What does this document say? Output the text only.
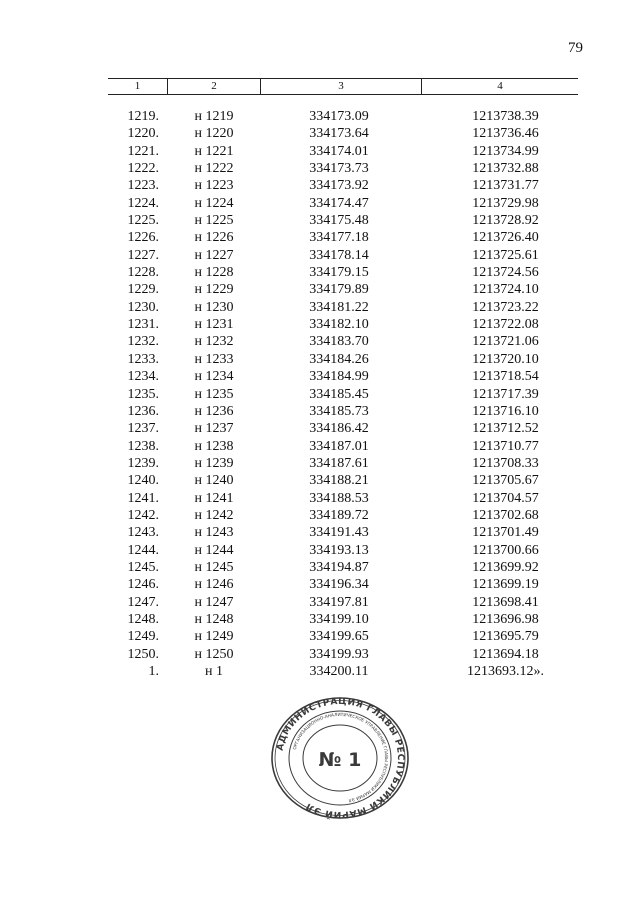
79
1	2	3	4
1219.	н 1219	334173.09	1213738.39
1220.	н 1220	334173.64	1213736.46
1221.	н 1221	334174.01	1213734.99
1222.	н 1222	334173.73	1213732.88
1223.	н 1223	334173.92	1213731.77
1224.	н 1224	334174.47	1213729.98
1225.	н 1225	334175.48	1213728.92
1226.	н 1226	334177.18	1213726.40
1227.	н 1227	334178.14	1213725.61
1228.	н 1228	334179.15	1213724.56
1229.	н 1229	334179.89	1213724.10
1230.	н 1230	334181.22	1213723.22
1231.	н 1231	334182.10	1213722.08
1232.	н 1232	334183.70	1213721.06
1233.	н 1233	334184.26	1213720.10
1234.	н 1234	334184.99	1213718.54
1235.	н 1235	334185.45	1213717.39
1236.	н 1236	334185.73	1213716.10
1237.	н 1237	334186.42	1213712.52
1238.	н 1238	334187.01	1213710.77
1239.	н 1239	334187.61	1213708.33
1240.	н 1240	334188.21	1213705.67
1241.	н 1241	334188.53	1213704.57
1242.	н 1242	334189.72	1213702.68
1243.	н 1243	334191.43	1213701.49
1244.	н 1244	334193.13	1213700.66
1245.	н 1245	334194.87	1213699.92
1246.	н 1246	334196.34	1213699.19
1247.	н 1247	334197.81	1213698.41
1248.	н 1248	334199.10	1213696.98
1249.	н 1249	334199.65	1213695.79
1250.	н 1250	334199.93	1213694.18
1.	н 1	334200.11	1213693.12».
АДМИНИСТРАЦИЯ ГЛАВЫ РЕСПУБЛИКИ МАРИЙ ЭЛ
ОРГАНИЗАЦИОННО-АНАЛИТИЧЕСКОЕ УПРАВЛЕНИЕ ГЛАВЫ РЕСПУБЛИКИ МАРИЙ ЭЛ
№ 1
